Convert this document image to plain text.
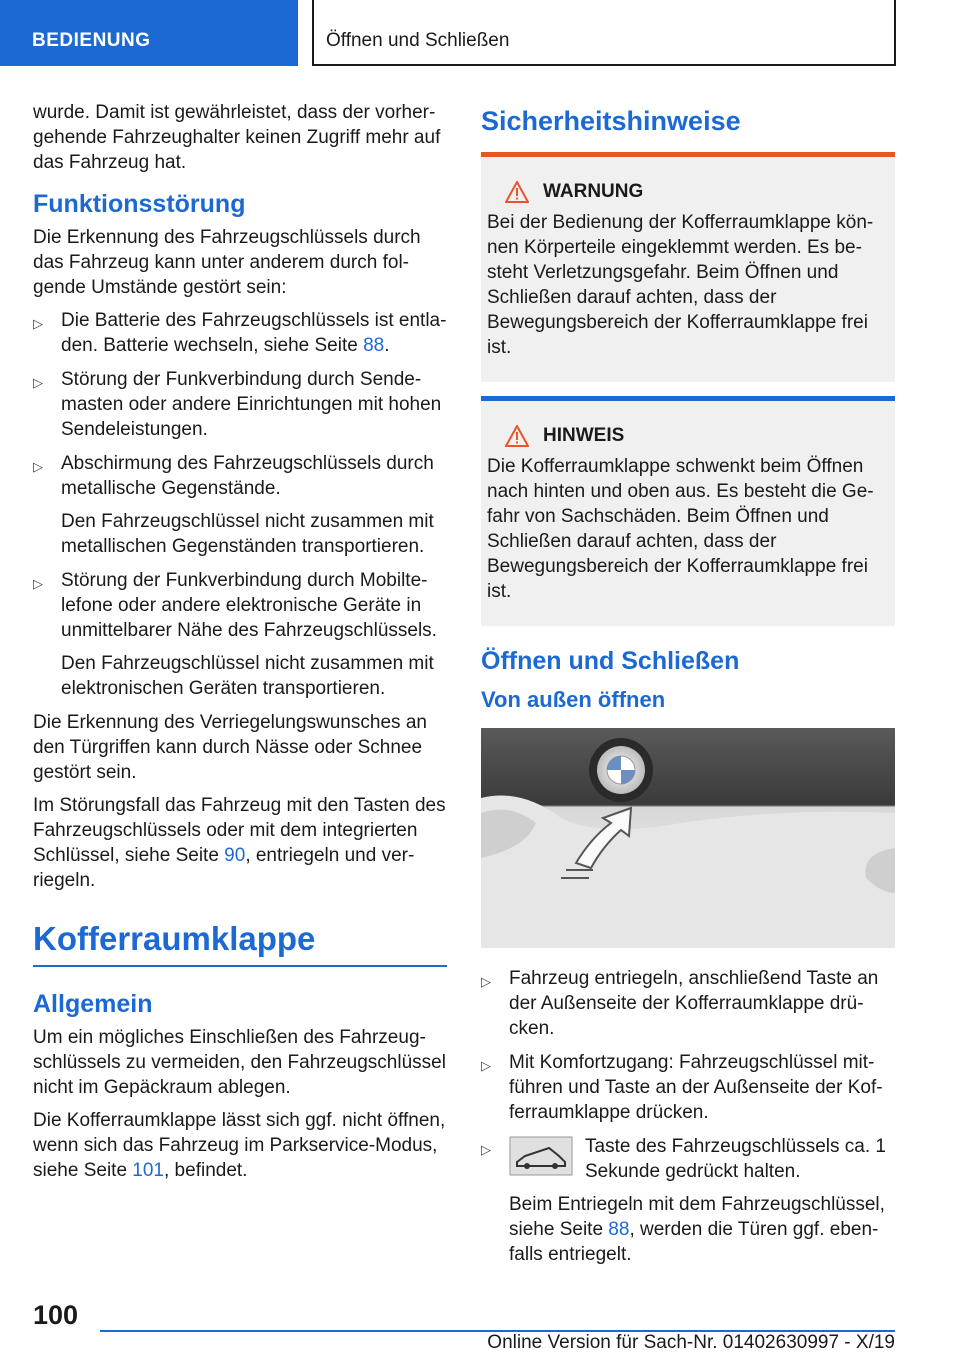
BEDIENUNG	Öffnen und Schließen

wurde. Damit ist gewährleistet, dass der vorhergehende Fahrzeughalter keinen Zugriff mehr auf das Fahrzeug hat.

Funktionsstörung

Die Erkennung des Fahrzeugschlüssels durch das Fahrzeug kann unter anderem durch folgende Umstände gestört sein:

▷ Die Batterie des Fahrzeugschlüssels ist entladen. Batterie wechseln, siehe Seite 88.
▷ Störung der Funkverbindung durch Sendemasten oder andere Einrichtungen mit hohen Sendeleistungen.
▷ Abschirmung des Fahrzeugschlüssels durch metallische Gegenstände.
Den Fahrzeugschlüssel nicht zusammen mit metallischen Gegenständen transportieren.
▷ Störung der Funkverbindung durch Mobiltelefone oder andere elektronische Geräte in unmittelbarer Nähe des Fahrzeugschlüssels.
Den Fahrzeugschlüssel nicht zusammen mit elektronischen Geräten transportieren.

Die Erkennung des Verriegelungswunsches an den Türgriffen kann durch Nässe oder Schnee gestört sein.

Im Störungsfall das Fahrzeug mit den Tasten des Fahrzeugschlüssels oder mit dem integrierten Schlüssel, siehe Seite 90, entriegeln und verriegeln.

Kofferraumklappe
Allgemein

Um ein mögliches Einschließen des Fahrzeugschlüssels zu vermeiden, den Fahrzeugschlüssel nicht im Gepäckraum ablegen.

Die Kofferraumklappe lässt sich ggf. nicht öffnen, wenn sich das Fahrzeug im Parkservice-Modus, siehe Seite 101, befindet.

Sicherheitshinweise
WARNUNG
Bei der Bedienung der Kofferraumklappe können Körperteile eingeklemmt werden. Es besteht Verletzungsgefahr. Beim Öffnen und Schließen darauf achten, dass der Bewegungsbereich der Kofferraumklappe frei ist.
HINWEIS
Die Kofferraumklappe schwenkt beim Öffnen nach hinten und oben aus. Es besteht die Gefahr von Sachschäden. Beim Öffnen und Schließen darauf achten, dass der Bewegungsbereich der Kofferraumklappe frei ist.
Öffnen und Schließen
Von außen öffnen
▷ Fahrzeug entriegeln, anschließend Taste an der Außenseite der Kofferraumklappe drücken.
▷ Mit Komfortzugang: Fahrzeugschlüssel mitführen und Taste an der Außenseite der Kofferraumklappe drücken.
▷	Taste des Fahrzeugschlüssels ca. 1 Sekunde gedrückt halten.
Beim Entriegeln mit dem Fahrzeugschlüssel, siehe Seite 88, werden die Türen ggf. ebenfalls entriegelt.
100
Online Version für Sach-Nr. 01402630997 - X/19
